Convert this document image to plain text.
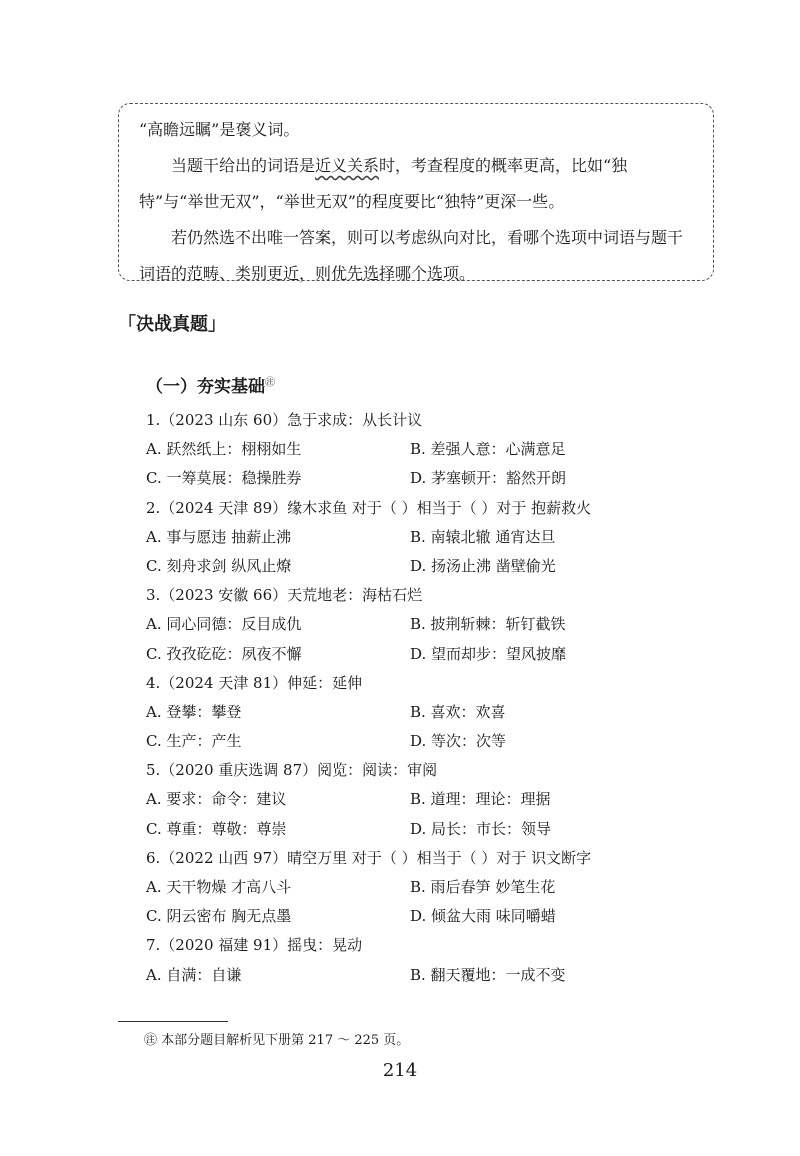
“高瞻远瞩”是褒义词。

当题干给出的词语是近义关系时，考查程度的概率更高，比如“独特”与“举世无双”，“举世无双”的程度要比“独特”更深一些。

若仍然选不出唯一答案，则可以考虑纵向对比，看哪个选项中词语与题干词语的范畴、类别更近，则优先选择哪个选项。

「决战真题」
（一）夯实基础㊟
1.（2023 山东 60）急于求成：从长计议
A. 跃然纸上：栩栩如生	B. 差强人意：心满意足
C. 一筹莫展：稳操胜券	D. 茅塞顿开：豁然开朗
2.（2024 天津 89）缘木求鱼 对于（ ）相当于（ ）对于 抱薪救火
A. 事与愿违 抽薪止沸	B. 南辕北辙 通宵达旦
C. 刻舟求剑 纵风止燎	D. 扬汤止沸 凿壁偷光
3.（2023 安徽 66）天荒地老：海枯石烂
A. 同心同德：反目成仇	B. 披荆斩棘：斩钉截铁
C. 孜孜矻矻：夙夜不懈	D. 望而却步：望风披靡
4.（2024 天津 81）伸延：延伸
A. 登攀：攀登	B. 喜欢：欢喜
C. 生产：产生	D. 等次：次等
5.（2020 重庆选调 87）阅览：阅读：审阅
A. 要求：命令：建议	B. 道理：理论：理据
C. 尊重：尊敬：尊崇	D. 局长：市长：领导
6.（2022 山西 97）晴空万里 对于（ ）相当于（ ）对于 识文断字
A. 天干物燥 才高八斗	B. 雨后春笋 妙笔生花
C. 阴云密布 胸无点墨	D. 倾盆大雨 味同嚼蜡
7.（2020 福建 91）摇曳：晃动
A. 自满：自谦	B. 翻天覆地：一成不变
㊟ 本部分题目解析见下册第 217 ～ 225 页。
214
